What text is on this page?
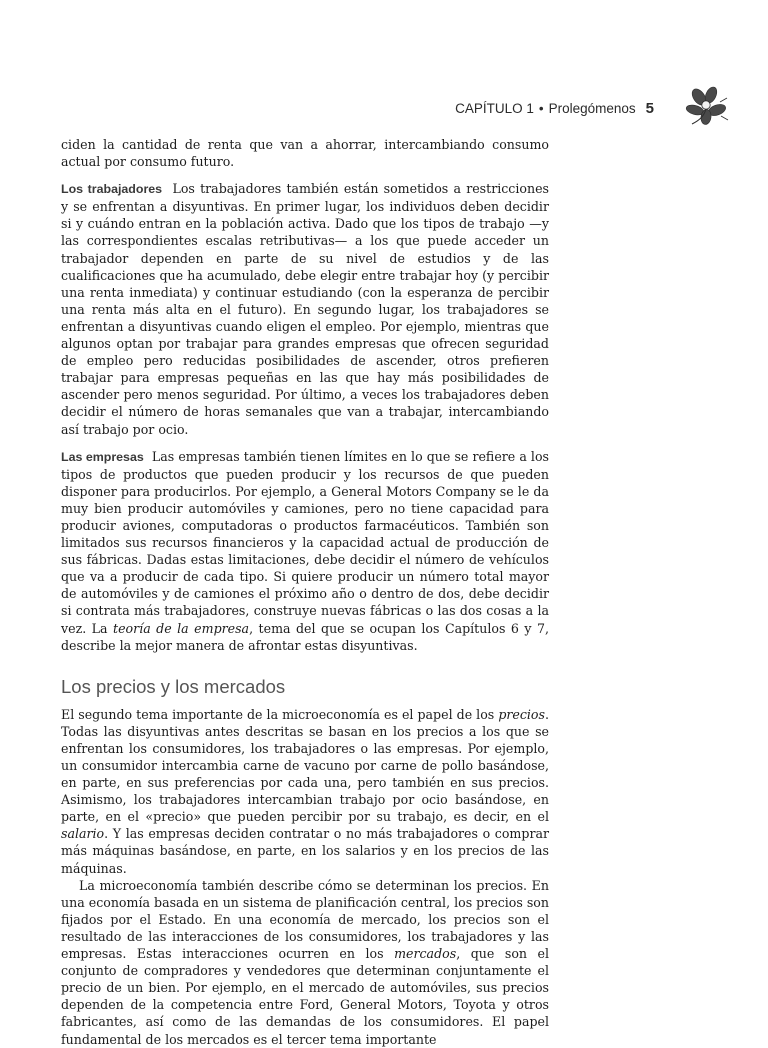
CAPÍTULO 1 • Prolegómenos 5

ciden la cantidad de renta que van a ahorrar, intercambiando consumo actual por consumo futuro.

Los trabajadores Los trabajadores también están sometidos a restricciones y se enfrentan a disyuntivas. En primer lugar, los individuos deben decidir si y cuándo entran en la población activa. Dado que los tipos de trabajo —y las correspondientes escalas retributivas— a los que puede acceder un trabajador dependen en parte de su nivel de estudios y de las cualificaciones que ha acumulado, debe elegir entre trabajar hoy (y percibir una renta inmediata) y continuar estudiando (con la esperanza de percibir una renta más alta en el futuro). En segundo lugar, los trabajadores se enfrentan a disyuntivas cuando eligen el empleo. Por ejemplo, mientras que algunos optan por trabajar para grandes empresas que ofrecen seguridad de empleo pero reducidas posibilidades de ascender, otros prefieren trabajar para empresas pequeñas en las que hay más posibilidades de ascender pero menos seguridad. Por último, a veces los trabajadores deben decidir el número de horas semanales que van a trabajar, intercambiando así trabajo por ocio.

Las empresas Las empresas también tienen límites en lo que se refiere a los tipos de productos que pueden producir y los recursos de que pueden disponer para producirlos. Por ejemplo, a General Motors Company se le da muy bien producir automóviles y camiones, pero no tiene capacidad para producir aviones, computadoras o productos farmacéuticos. También son limitados sus recursos financieros y la capacidad actual de producción de sus fábricas. Dadas estas limitaciones, debe decidir el número de vehículos que va a producir de cada tipo. Si quiere producir un número total mayor de automóviles y de camiones el próximo año o dentro de dos, debe decidir si contrata más trabajadores, construye nuevas fábricas o las dos cosas a la vez. La teoría de la empresa, tema del que se ocupan los Capítulos 6 y 7, describe la mejor manera de afrontar estas disyuntivas.

Los precios y los mercados

El segundo tema importante de la microeconomía es el papel de los precios. Todas las disyuntivas antes descritas se basan en los precios a los que se enfrentan los consumidores, los trabajadores o las empresas. Por ejemplo, un consumidor intercambia carne de vacuno por carne de pollo basándose, en parte, en sus preferencias por cada una, pero también en sus precios. Asimismo, los trabajadores intercambian trabajo por ocio basándose, en parte, en el «precio» que pueden percibir por su trabajo, es decir, en el salario. Y las empresas deciden contratar o no más trabajadores o comprar más máquinas basándose, en parte, en los salarios y en los precios de las máquinas.

La microeconomía también describe cómo se determinan los precios. En una economía basada en un sistema de planificación central, los precios son fijados por el Estado. En una economía de mercado, los precios son el resultado de las interacciones de los consumidores, los trabajadores y las empresas. Estas interacciones ocurren en los mercados, que son el conjunto de compradores y vendedores que determinan conjuntamente el precio de un bien. Por ejemplo, en el mercado de automóviles, sus precios dependen de la competencia entre Ford, General Motors, Toyota y otros fabricantes, así como de las demandas de los consumidores. El papel fundamental de los mercados es el tercer tema importante
